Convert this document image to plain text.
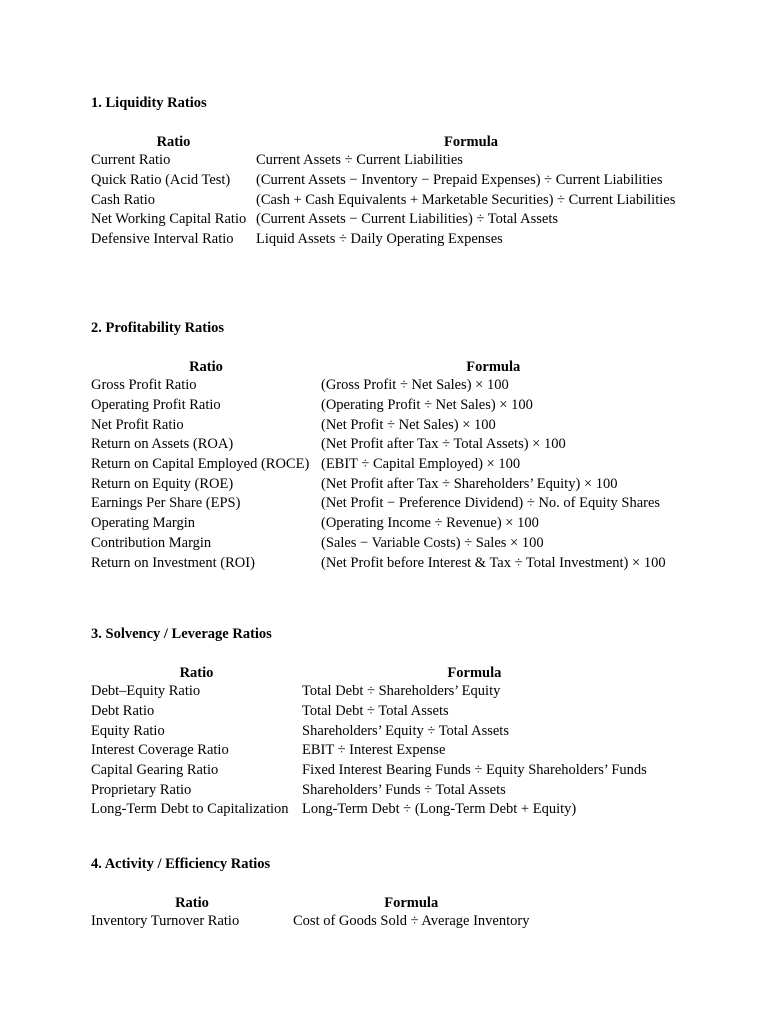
1. Liquidity Ratios

Ratio	Formula
Current Ratio	Current Assets ÷ Current Liabilities
Quick Ratio (Acid Test)	(Current Assets − Inventory − Prepaid Expenses) ÷ Current Liabilities
Cash Ratio	(Cash + Cash Equivalents + Marketable Securities) ÷ Current Liabilities
Net Working Capital Ratio	(Current Assets − Current Liabilities) ÷ Total Assets
Defensive Interval Ratio	Liquid Assets ÷ Daily Operating Expenses

2. Profitability Ratios

Ratio	Formula
Gross Profit Ratio	(Gross Profit ÷ Net Sales) × 100
Operating Profit Ratio	(Operating Profit ÷ Net Sales) × 100
Net Profit Ratio	(Net Profit ÷ Net Sales) × 100
Return on Assets (ROA)	(Net Profit after Tax ÷ Total Assets) × 100
Return on Capital Employed (ROCE)	(EBIT ÷ Capital Employed) × 100
Return on Equity (ROE)	(Net Profit after Tax ÷ Shareholders’ Equity) × 100
Earnings Per Share (EPS)	(Net Profit − Preference Dividend) ÷ No. of Equity Shares
Operating Margin	(Operating Income ÷ Revenue) × 100
Contribution Margin	(Sales − Variable Costs) ÷ Sales × 100
Return on Investment (ROI)	(Net Profit before Interest & Tax ÷ Total Investment) × 100

3. Solvency / Leverage Ratios

Ratio	Formula
Debt–Equity Ratio	Total Debt ÷ Shareholders’ Equity
Debt Ratio	Total Debt ÷ Total Assets
Equity Ratio	Shareholders’ Equity ÷ Total Assets
Interest Coverage Ratio	EBIT ÷ Interest Expense
Capital Gearing Ratio	Fixed Interest Bearing Funds ÷ Equity Shareholders’ Funds
Proprietary Ratio	Shareholders’ Funds ÷ Total Assets
Long-Term Debt to Capitalization	Long-Term Debt ÷ (Long-Term Debt + Equity)

4. Activity / Efficiency Ratios

Ratio	Formula
Inventory Turnover Ratio	Cost of Goods Sold ÷ Average Inventory
